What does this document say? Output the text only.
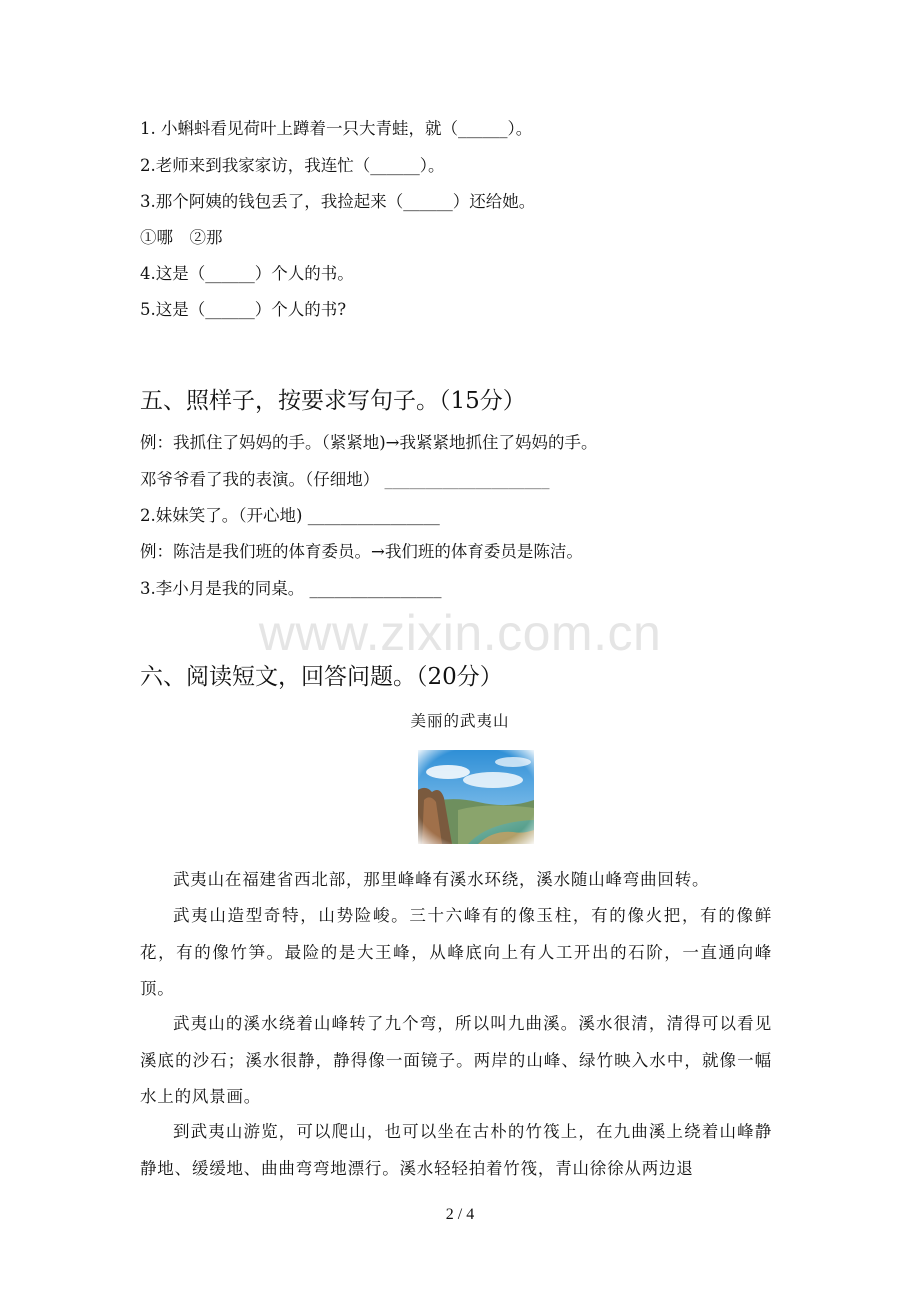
1. 小蝌蚪看见荷叶上蹲着一只大青蛙，就（______）。
2.老师来到我家家访，我连忙（______）。
3.那个阿姨的钱包丢了，我捡起来（______）还给她。
①哪　②那
4.这是（______）个人的书。
5.这是（______）个人的书?
五、照样子，按要求写句子。（15分）
例：我抓住了妈妈的手。（紧紧地)→我紧紧地抓住了妈妈的手。
邓爷爷看了我的表演。（仔细地） ____________________
2.妹妹笑了。（开心地) ________________
例：陈洁是我们班的体育委员。→我们班的体育委员是陈洁。
3.李小月是我的同桌。 ________________
www.zixin.com.cn
六、阅读短文，回答问题。（20分）
美丽的武夷山
武夷山在福建省西北部，那里峰峰有溪水环绕，溪水随山峰弯曲回转。
武夷山造型奇特，山势险峻。三十六峰有的像玉柱，有的像火把，有的像鲜花，有的像竹笋。最险的是大王峰，从峰底向上有人工开出的石阶，一直通向峰顶。
武夷山的溪水绕着山峰转了九个弯，所以叫九曲溪。溪水很清，清得可以看见溪底的沙石；溪水很静，静得像一面镜子。两岸的山峰、绿竹映入水中，就像一幅水上的风景画。
到武夷山游览，可以爬山，也可以坐在古朴的竹筏上，在九曲溪上绕着山峰静静地、缓缓地、曲曲弯弯地漂行。溪水轻轻拍着竹筏，青山徐徐从两边退
2 / 4
